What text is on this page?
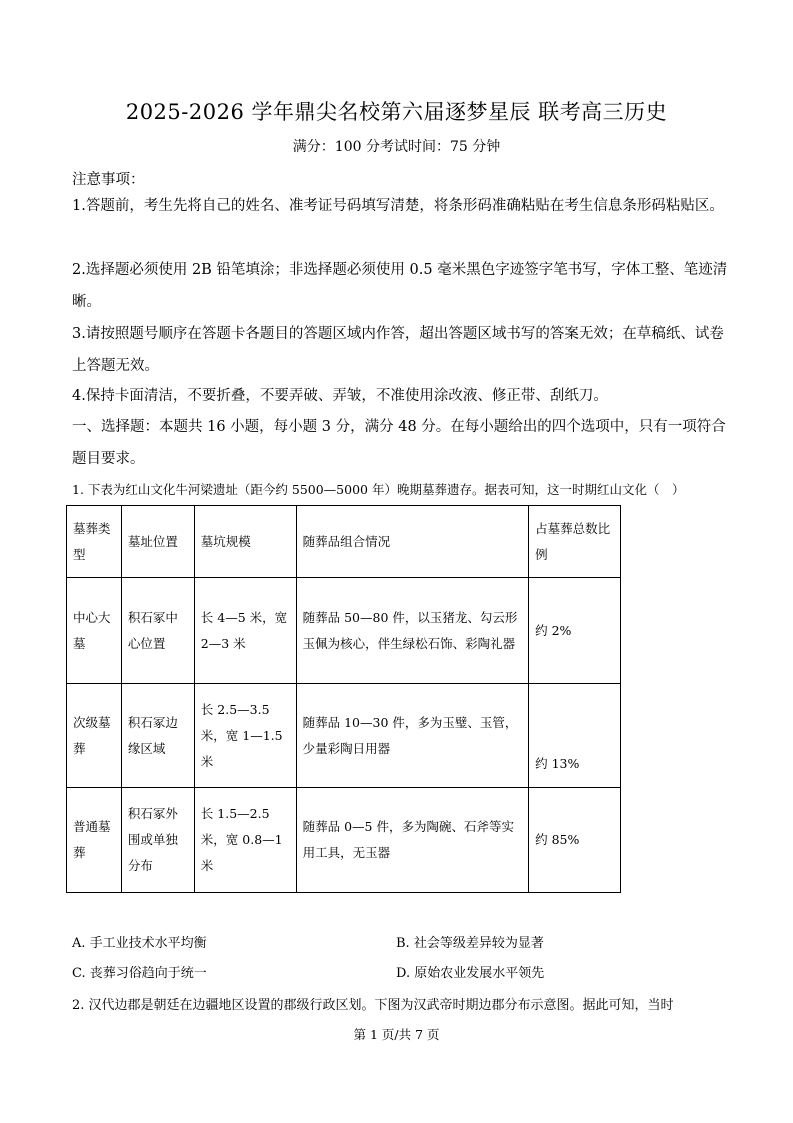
2025-2026 学年鼎尖名校第六届逐梦星辰 联考高三历史
满分：100 分考试时间：75 分钟
注意事项：
1.答题前，考生先将自己的姓名、准考证号码填写清楚，将条形码准确粘贴在考生信息条形码粘贴区。
2.选择题必须使用 2B 铅笔填涂；非选择题必须使用 0.5 毫米黑色字迹签字笔书写，字体工整、笔迹清晰。
3.请按照题号顺序在答题卡各题目的答题区域内作答，超出答题区域书写的答案无效；在草稿纸、试卷上答题无效。
4.保持卡面清洁，不要折叠，不要弄破、弄皱，不准使用涂改液、修正带、刮纸刀。
一、选择题：本题共 16 小题，每小题 3 分，满分 48 分。在每小题给出的四个选项中，只有一项符合题目要求。
1. 下表为红山文化牛河梁遗址（距今约 5500—5000 年）晚期墓葬遗存。据表可知，这一时期红山文化（　）
墓葬类型	墓址位置	墓坑规模	随葬品组合情况	占墓葬总数比例
中心大墓	积石冢中心位置	长 4—5 米，宽 2—3 米	随葬品 50—80 件，以玉猪龙、勾云形玉佩为核心，伴生绿松石饰、彩陶礼器	约 2%
次级墓葬	积石冢边缘区域	长 2.5—3.5 米，宽 1—1.5 米	随葬品 10—30 件，多为玉璧、玉管，少量彩陶日用器	约 13%
普通墓葬	积石冢外围或单独分布	长 1.5—2.5 米，宽 0.8—1 米	随葬品 0—5 件，多为陶碗、石斧等实用工具，无玉器	约 85%
A. 手工业技术水平均衡	B. 社会等级差异较为显著
C. 丧葬习俗趋向于统一	D. 原始农业发展水平领先
2. 汉代边郡是朝廷在边疆地区设置的郡级行政区划。下图为汉武帝时期边郡分布示意图。据此可知，当时
第 1 页/共 7 页
